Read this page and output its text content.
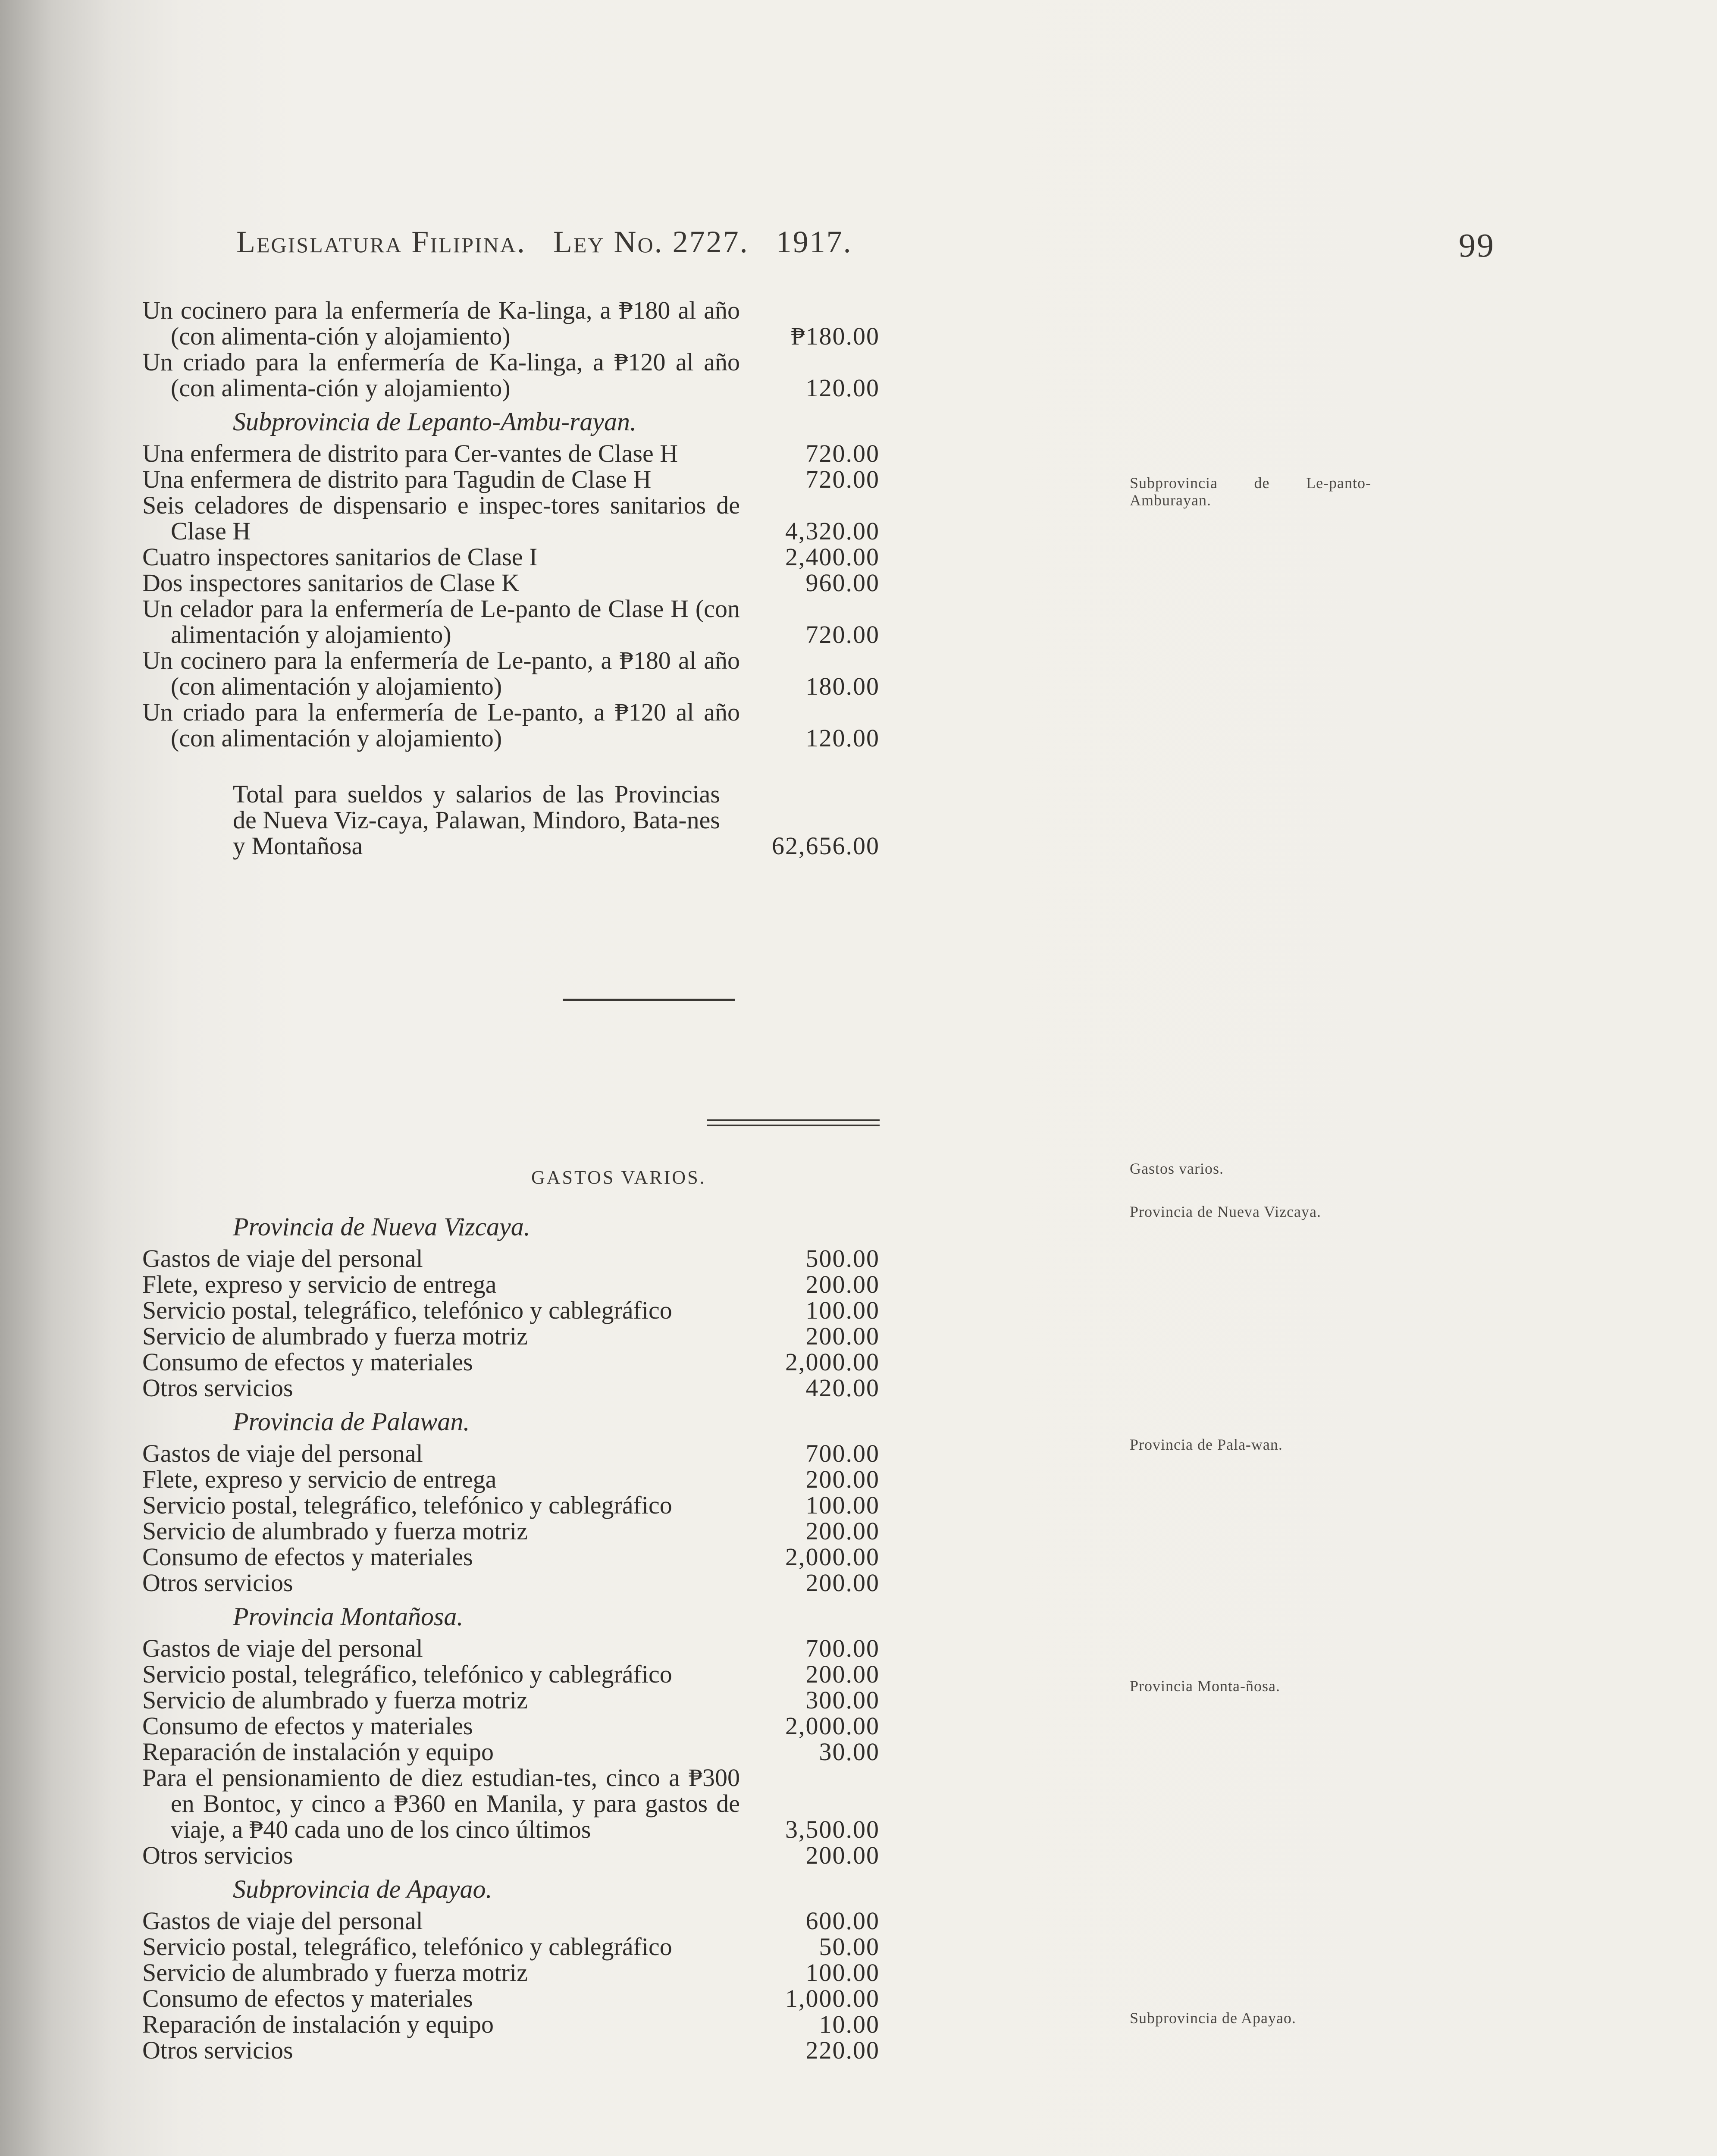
Legislatura Filipina. Ley No. 2727. 1917.	99
Un cocinero para la enfermería de Ka-linga, a ₱180 al año (con alimenta-ción y alojamiento)	₱180.00
Un criado para la enfermería de Ka-linga, a ₱120 al año (con alimenta-ción y alojamiento)	120.00
Subprovincia de Lepanto-Ambu-rayan.
Una enfermera de distrito para Cer-vantes de Clase H	720.00
Una enfermera de distrito para Tagudin de Clase H	720.00
Seis celadores de dispensario e inspec-tores sanitarios de Clase H	4,320.00
Cuatro inspectores sanitarios de Clase I	2,400.00
Dos inspectores sanitarios de Clase K	960.00
Un celador para la enfermería de Le-panto de Clase H (con alimentación y alojamiento)	720.00
Un cocinero para la enfermería de Le-panto, a ₱180 al año (con alimentación y alojamiento)	180.00
Un criado para la enfermería de Le-panto, a ₱120 al año (con alimentación y alojamiento)	120.00
Total para sueldos y salarios de las Provincias de Nueva Viz-caya, Palawan, Mindoro, Bata-nes y Montañosa	62,656.00
GASTOS VARIOS.
Provincia de Nueva Vizcaya.
Gastos de viaje del personal	500.00
Flete, expreso y servicio de entrega	200.00
Servicio postal, telegráfico, telefónico y cablegráfico	100.00
Servicio de alumbrado y fuerza motriz	200.00
Consumo de efectos y materiales	2,000.00
Otros servicios	420.00
Provincia de Palawan.
Gastos de viaje del personal	700.00
Flete, expreso y servicio de entrega	200.00
Servicio postal, telegráfico, telefónico y cablegráfico	100.00
Servicio de alumbrado y fuerza motriz	200.00
Consumo de efectos y materiales	2,000.00
Otros servicios	200.00
Provincia Montañosa.
Gastos de viaje del personal	700.00
Servicio postal, telegráfico, telefónico y cablegráfico	200.00
Servicio de alumbrado y fuerza motriz	300.00
Consumo de efectos y materiales	2,000.00
Reparación de instalación y equipo	30.00
Para el pensionamiento de diez estudian-tes, cinco a ₱300 en Bontoc, y cinco a ₱360 en Manila, y para gastos de viaje, a ₱40 cada uno de los cinco últimos	3,500.00
Otros servicios	200.00
Subprovincia de Apayao.
Gastos de viaje del personal	600.00
Servicio postal, telegráfico, telefónico y cablegráfico	50.00
Servicio de alumbrado y fuerza motriz	100.00
Consumo de efectos y materiales	1,000.00
Reparación de instalación y equipo	10.00
Otros servicios	220.00
Subprovincia de Le-panto-Amburayan.
Gastos varios.
Provincia de Nueva Vizcaya.
Provincia de Pala-wan.
Provincia Monta-ñosa.
Subprovincia de Apayao.
